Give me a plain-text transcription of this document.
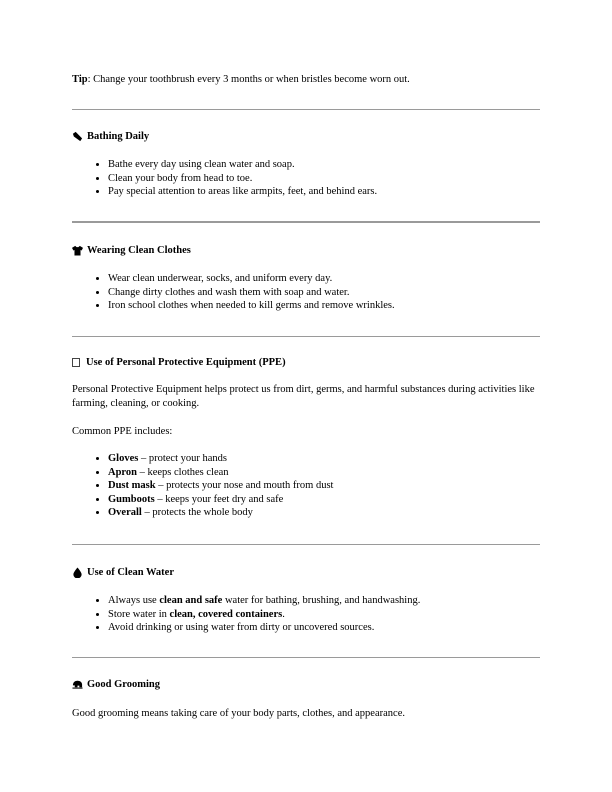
Tip: Change your toothbrush every 3 months or when bristles become worn out.

Bathing Daily
• Bathe every day using clean water and soap.
• Clean your body from head to toe.
• Pay special attention to areas like armpits, feet, and behind ears.
Wearing Clean Clothes
• Wear clean underwear, socks, and uniform every day.
• Change dirty clothes and wash them with soap and water.
• Iron school clothes when needed to kill germs and remove wrinkles.
Use of Personal Protective Equipment (PPE)

Personal Protective Equipment helps protect us from dirt, germs, and harmful substances during activities like farming, cleaning, or cooking.

Common PPE includes:

• Gloves – protect your hands
• Apron – keeps clothes clean
• Dust mask – protects your nose and mouth from dust
• Gumboots – keeps your feet dry and safe
• Overall – protects the whole body
Use of Clean Water
• Always use clean and safe water for bathing, brushing, and handwashing.
• Store water in clean, covered containers.
• Avoid drinking or using water from dirty or uncovered sources.
Good Grooming

Good grooming means taking care of your body parts, clothes, and appearance.
